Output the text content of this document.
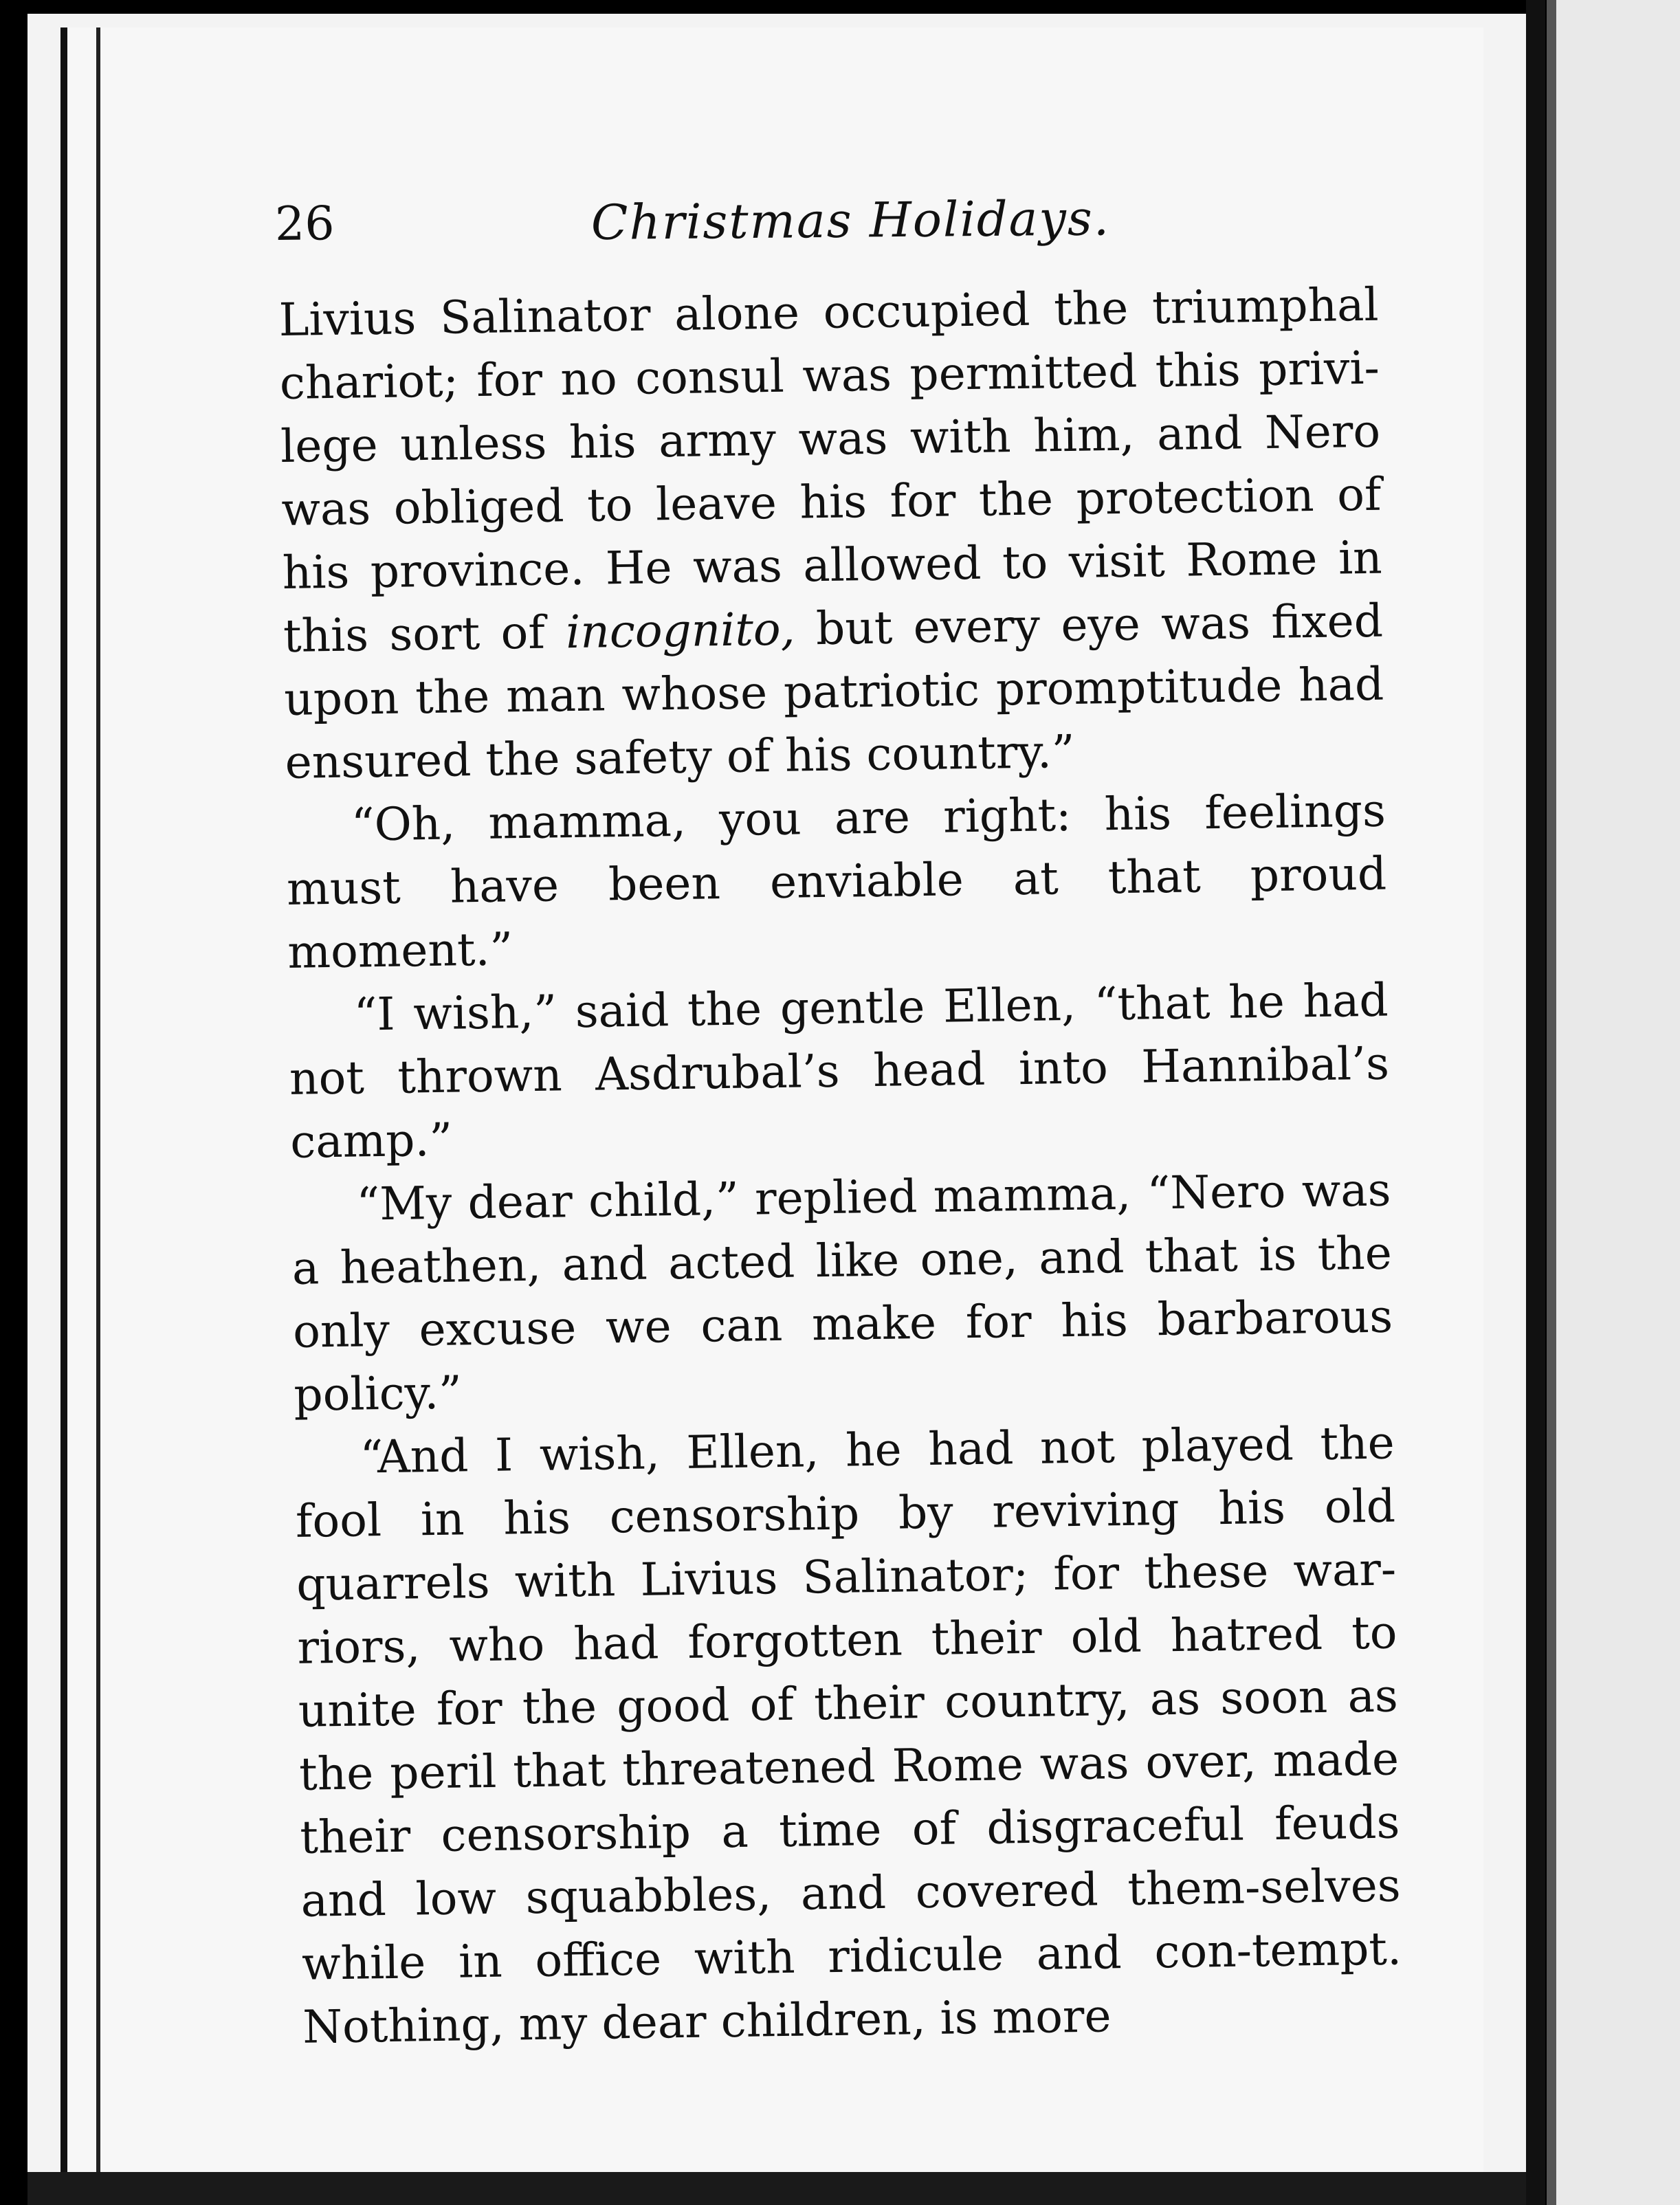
26	Christmas Holidays.

Livius Salinator alone occupied the triumphal chariot; for no consul was permitted this privi-lege unless his army was with him, and Nero was obliged to leave his for the protection of his province. He was allowed to visit Rome in this sort of incognito, but every eye was fixed upon the man whose patriotic promptitude had ensured the safety of his country.”

“Oh, mamma, you are right: his feelings must have been enviable at that proud moment.”

“I wish,” said the gentle Ellen, “that he had not thrown Asdrubal’s head into Hannibal’s camp.”

“My dear child,” replied mamma, “Nero was a heathen, and acted like one, and that is the only excuse we can make for his barbarous policy.”

“And I wish, Ellen, he had not played the fool in his censorship by reviving his old quarrels with Livius Salinator; for these war-riors, who had forgotten their old hatred to unite for the good of their country, as soon as the peril that threatened Rome was over, made their censorship a time of disgraceful feuds and low squabbles, and covered them-selves while in office with ridicule and con-tempt. Nothing, my dear children, is more
